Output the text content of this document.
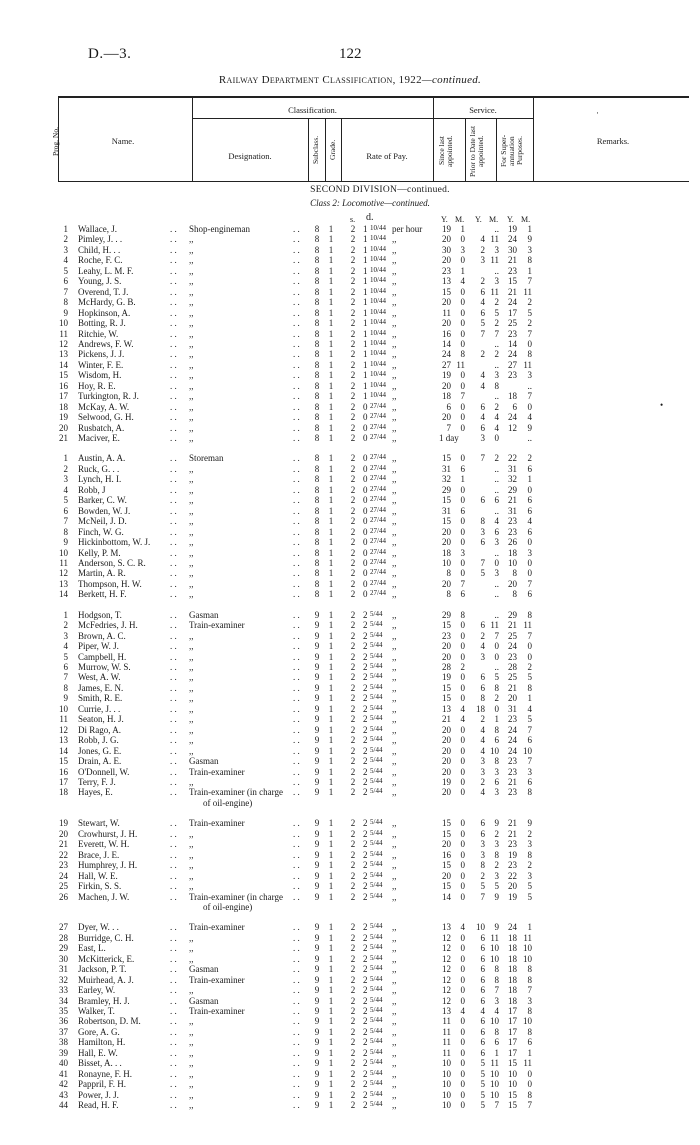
D.—3.	122
Railway Department Classification, 1922—continued.
Prog. No.	Name.
Classification.
Designation.	Subclass. Grade.	Rate of Pay.
Service.
Since last appointed.	Prior to Date last appointed.	For Super-annuation Purposes.	Remarks.
SECOND DIVISION—continued.
Class 2: Locomotive—continued.
s. d.	Y. M. Y. M. Y. M.
·
•
1 Wallace, J.	. . Shop-engineman	. . 8 1	2 1 10/44 per hour	19	1	..	19	1
2 Pimley, J. . .	. . ,,	. . 8 1	2 1 10/44 ,,	20	0	4 11	24	9
3 Child, H. . .	. . ,,	. . 8 1	2 1 10/44 ,,	30	3	2	3	30	3
4 Roche, F. C.	. . ,,	. . 8 1	2 1 10/44 ,,	20	0	3 11	21	8
5 Leahy, L. M. F.	. . ,,	. . 8 1	2 1 10/44 ,,	23	1	..	23	1
6 Young, J. S.	. . ,,	. . 8 1	2 1 10/44 ,,	13	4	2	3	15	7
7 Overend, T. J.	. . ,,	. . 8 1	2 1 10/44 ,,	15	0	6 11	21 11
8 McHardy, G. B.	. . ,,	. . 8 1	2 1 10/44 ,,	20	0	4	2	24	2
9 Hopkinson, A.	. . ,,	. . 8 1	2 1 10/44 ,,	11	0	6	5	17	5
10 Botting, R. J.	. . ,,	. . 8 1	2 1 10/44 ,,	20	0	5	2	25	2
11 Ritchie, W.	. . ,,	. . 8 1	2 1 10/44 ,,	16	0	7	7	23	7
12 Andrews, F. W.	. . ,,	. . 8 1	2 1 10/44 ,,	14	0	..	14	0
13 Pickens, J. J.	. . ,,	. . 8 1	2 1 10/44 ,,	24	8	2	2	24	8
14 Winter, F. E.	. . ,,	. . 8 1	2 1 10/44 ,,	27 11	..	27 11
15 Wisdom, H.	. . ,,	. . 8 1	2 1 10/44 ,,	19	0	4	3	23	3
16 Hoy, R. E.	. . ,,	. . 8 1	2 1 10/44 ,,	20	0	4	8	..
17 Turkington, R. J.	. . ,,	. . 8 1	2 1 10/44 ,,	18	7	..	18	7
18 McKay, A. W.	. . ,,	. . 8 1	2 0 27/44 ,,	6	0	6	2	6	0
19 Selwood, G. H.	. . ,,	. . 8 1	2 0 27/44 ,,	20	0	4	4	24	4
20 Rusbatch, A.	. . ,,	. . 8 1	2 0 27/44 ,,	7	0	6	4	12	9
21 Maciver, E.	. . ,,	. . 8 1	2 0 27/44 ,,	1 day	3	0	..
1 Austin, A. A.	. . Storeman	. . 8 1	2 0 27/44 ,,	15	0	7	2	22	2
2 Ruck, G. . .	. . ,,	. . 8 1	2 0 27/44 ,,	31	6	..	31	6
3 Lynch, H. I.	. . ,,	. . 8 1	2 0 27/44 ,,	32	1	..	32	1
4 Robb, J	. . ,,	. . 8 1	2 0 27/44 ,,	29	0	..	29	0
5 Barker, C. W.	. . ,,	. . 8 1	2 0 27/44 ,,	15	0	6	6	21	6
6 Bowden, W. J.	. . ,,	. . 8 1	2 0 27/44 ,,	31	6	..	31	6
7 McNeil, J. D.	. . ,,	. . 8 1	2 0 27/44 ,,	15	0	8	4	23	4
8 Finch, W. G.	. . ,,	. . 8 1	2 0 27/44 ,,	20	0	3	6	23	6
9 Hickinbottom, W. J. . . ,,	. . 8 1	2 0 27/44 ,,	20	0	6	3	26	0
10 Kelly, P. M.	. . ,,	. . 8 1	2 0 27/44 ,,	18	3	..	18	3
11 Anderson, S. C. R.	. . ,,	. . 8 1	2 0 27/44 ,,	10	0	7	0	10	0
12 Martin, A. R.	. . ,,	. . 8 1	2 0 27/44 ,,	8	0	5	3	8	0
13 Thompson, H. W.	. . ,,	. . 8 1	2 0 27/44 ,,	20	7	..	20	7
14 Berkett, H. F.	. . ,,	. . 8 1	2 0 27/44 ,,	8	6	..	8	6
1 Hodgson, T.	. . Gasman	. . 9 1	2 2 5/44 ,,	29	8	..	29	8
2 McFedries, J. H.	. . Train-examiner	. . 9 1	2 2 5/44 ,,	15	0	6 11	21 11
3 Brown, A. C.	. . ,,	. . 9 1	2 2 5/44 ,,	23	0	2	7	25	7
4 Piper, W. J.	. . ,,	. . 9 1	2 2 5/44 ,,	20	0	4	0	24	0
5 Campbell, H.	. . ,,	. . 9 1	2 2 5/44 ,,	20	0	3	0	23	0
6 Murrow, W. S.	. . ,,	. . 9 1	2 2 5/44 ,,	28	2	..	28	2
7 West, A. W.	. . ,,	. . 9 1	2 2 5/44 ,,	19	0	6	5	25	5
8 James, E. N.	. . ,,	. . 9 1	2 2 5/44 ,,	15	0	6	8	21	8
9 Smith, R. E.	. . ,,	. . 9 1	2 2 5/44 ,,	15	0	8	2	20	1
10 Currie, J. . .	. . ,,	. . 9 1	2 2 5/44 ,,	13	4	18	0	31	4
11 Seaton, H. J.	. . ,,	. . 9 1	2 2 5/44 ,,	21	4	2	1	23	5
12 Di Rago, A.	. . ,,	. . 9 1	2 2 5/44 ,,	20	0	4	8	24	7
13 Robb, J. G.	. . ,,	. . 9 1	2 2 5/44 ,,	20	0	4	6	24	6
14 Jones, G. E.	. . ,,	. . 9 1	2 2 5/44 ,,	20	0	4 10	24 10
15 Drain, A. E.	. . Gasman	. . 9 1	2 2 5/44 ,,	20	0	3	8	23	7
16 O'Donnell, W.	. . Train-examiner	. . 9 1	2 2 5/44 ,,	20	0	3	3	23	3
17 Terry, F. J.	. . ,,	. . 9 1	2 2 5/44 ,,	19	0	2	6	21	6
18 Hayes, E.	. . Train-examiner (in charge . . 9 1	2 2 5/44 ,,	20	0	4	3	23	8
of oil-engine)
19 Stewart, W.	. . Train-examiner	. . 9 1	2 2 5/44 ,,	15	0	6	9	21	9
20 Crowhurst, J. H.	. . ,,	. . 9 1	2 2 5/44 ,,	15	0	6	2	21	2
21 Everett, W. H.	. . ,,	. . 9 1	2 2 5/44 ,,	20	0	3	3	23	3
22 Brace, J. E.	. . ,,	. . 9 1	2 2 5/44 ,,	16	0	3	8	19	8
23 Humphrey, J. H.	. . ,,	. . 9 1	2 2 5/44 ,,	15	0	8	2	23	2
24 Hall, W. E.	. . ,,	. . 9 1	2 2 5/44 ,,	20	0	2	3	22	3
25 Firkin, S. S.	. . ,,	. . 9 1	2 2 5/44 ,,	15	0	5	5	20	5
26 Machen, J. W.	. . Train-examiner (in charge . . 9 1	2 2 5/44 ,,	14	0	7	9	19	5
of oil-engine)
27 Dyer, W. . .	. . Train-examiner	. . 9 1	2 2 5/44 ,,	13	4	10	9	24	1
28 Burridge, C. H.	. . ,,	. . 9 1	2 2 5/44 ,,	12	0	6 11	18 11
29 East, L.	. . ,,	. . 9 1	2 2 5/44 ,,	12	0	6 10	18 10
30 McKitterick, E.	. . ,,	. . 9 1	2 2 5/44 ,,	12	0	6 10	18 10
31 Jackson, P. T.	. . Gasman	. . 9 1	2 2 5/44 ,,	12	0	6	8	18	8
32 Muirhead, A. J.	. . Train-examiner	. . 9 1	2 2 5/44 ,,	12	0	6	8	18	8
33 Earley, W.	. . ,,	. . 9 1	2 2 5/44 ,,	12	0	6	7	18	7
34 Bramley, H. J.	. . Gasman	. . 9 1	2 2 5/44 ,,	12	0	6	3	18	3
35 Walker, T.	. . Train-examiner	. . 9 1	2 2 5/44 ,,	13	4	4	4	17	8
36 Robertson, D. M.	. . ,,	. . 9 1	2 2 5/44 ,,	11	0	6 10	17 10
37 Gore, A. G.	. . ,,	. . 9 1	2 2 5/44 ,,	11	0	6	8	17	8
38 Hamilton, H.	. . ,,	. . 9 1	2 2 5/44 ,,	11	0	6	6	17	6
39 Hall, E. W.	. . ,,	. . 9 1	2 2 5/44 ,,	11	0	6	1	17	1
40 Bisset, A. . .	. . ,,	. . 9 1	2 2 5/44 ,,	10	0	5 11	15 11
41 Ronayne, F. H.	. . ,,	. . 9 1	2 2 5/44 ,,	10	0	5 10	10	0
42 Pappril, F. H.	. . ,,	. . 9 1	2 2 5/44 ,,	10	0	5 10	10	0
43 Power, J. J.	. . ,,	. . 9 1	2 2 5/44 ,,	10	0	5 10	15	8
44 Read, H. F.	. . ,,	. . 9 1	2 2 5/44 ,,	10	0	5	7	15	7
